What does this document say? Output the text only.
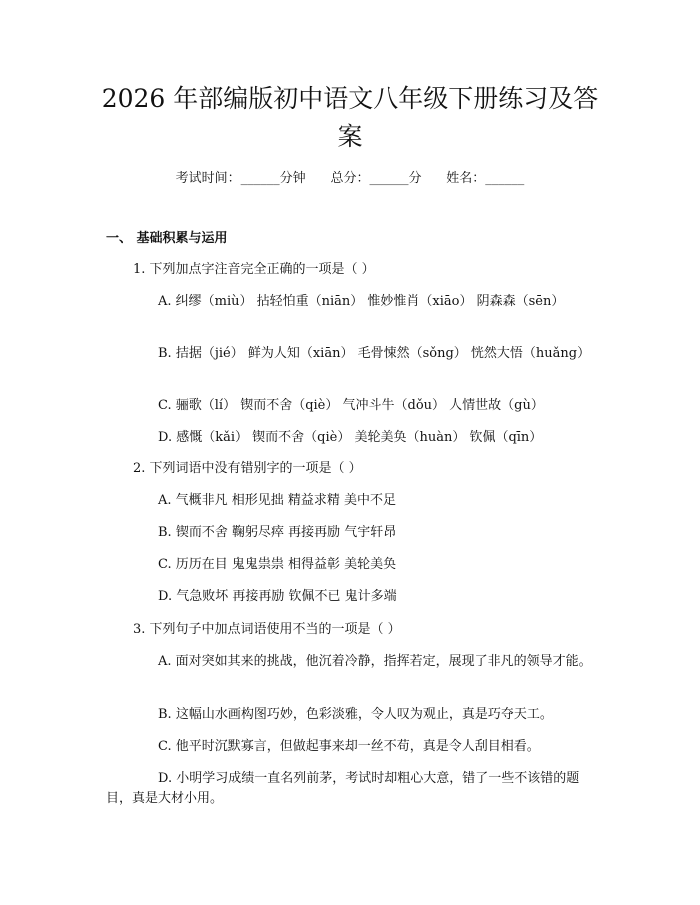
2026 年部编版初中语文八年级下册练习及答案
考试时间：______分钟 总分：______分 姓名：______
一、 基础积累与运用
1. 下列加点字注音完全正确的一项是（ ）
A. 纠缪（miù） 拈轻怕重（niān） 惟妙惟肖（xiāo） 阴森森（sēn）
B. 拮据（jié） 鲜为人知（xiān） 毛骨悚然（sǒng） 恍然大悟（huǎng）
C. 骊歌（lí） 锲而不舍（qiè） 气冲斗牛（dǒu） 人情世故（gù）
D. 感慨（kǎi） 锲而不舍（qiè） 美轮美奂（huàn） 钦佩（qīn）
2. 下列词语中没有错别字的一项是（ ）
A. 气概非凡 相形见拙 精益求精 美中不足
B. 锲而不舍 鞠躬尽瘁 再接再励 气宇轩昂
C. 历历在目 鬼鬼祟祟 相得益彰 美轮美奂
D. 气急败坏 再接再励 钦佩不已 鬼计多端
3. 下列句子中加点词语使用不当的一项是（ ）
A. 面对突如其来的挑战，他沉着冷静，指挥若定，展现了非凡的领导才能。
B. 这幅山水画构图巧妙，色彩淡雅，令人叹为观止，真是巧夺天工。
C. 他平时沉默寡言，但做起事来却一丝不苟，真是令人刮目相看。
D. 小明学习成绩一直名列前茅，考试时却粗心大意，错了一些不该错的题目，真是大材小用。
